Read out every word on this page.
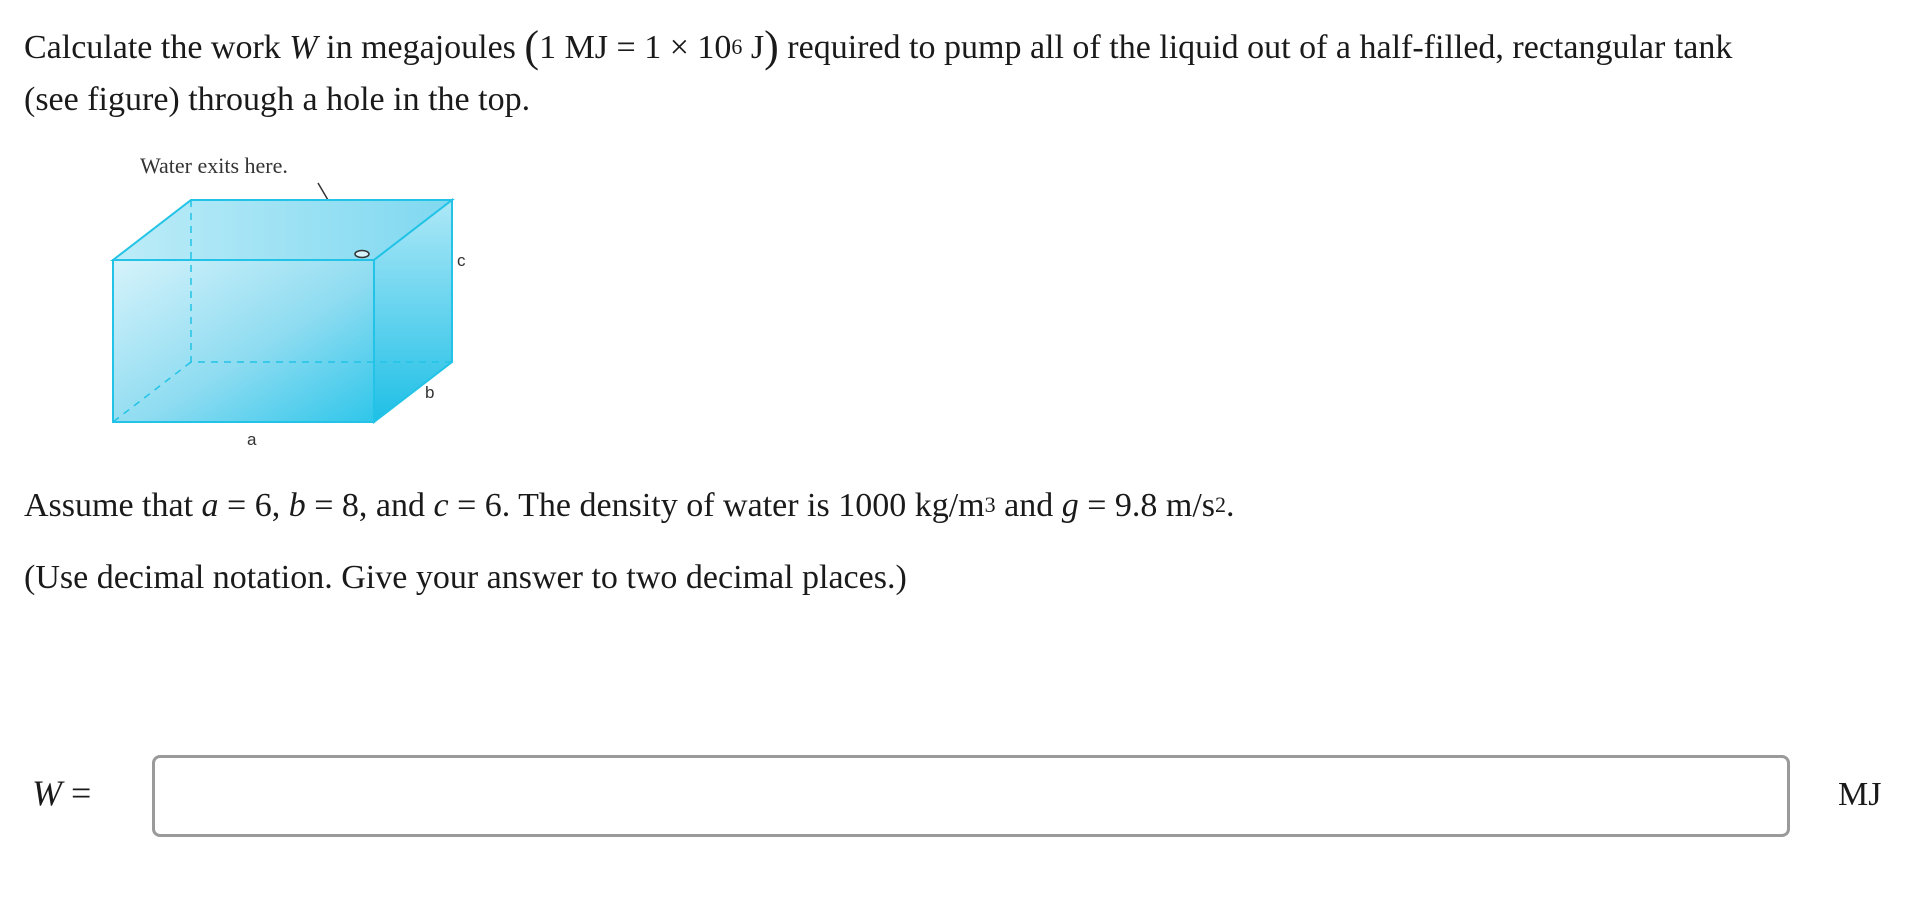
Calculate the work W in megajoules (1 MJ = $1 \times 10^6$ J) required to pump all of the liquid out of a half-filled, rectangular tank
(see figure) through a hole in the top.

Water exits here.
a
b
c

Assume that a = 6, b = 8, and c = 6. The density of water is 1000 $kg/m^3$ and g = 9.8 $m/s^2$.

(Use decimal notation. Give your answer to two decimal places.)

W =	MJ
